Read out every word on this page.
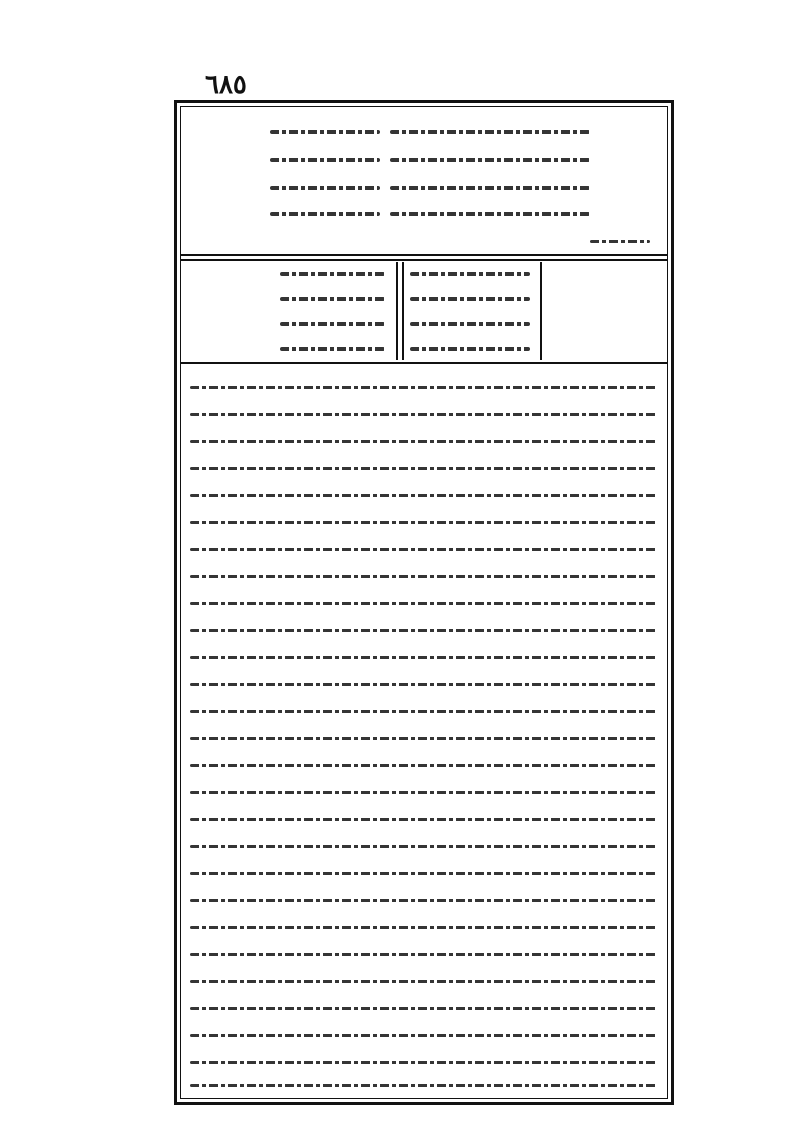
٦٨٥
